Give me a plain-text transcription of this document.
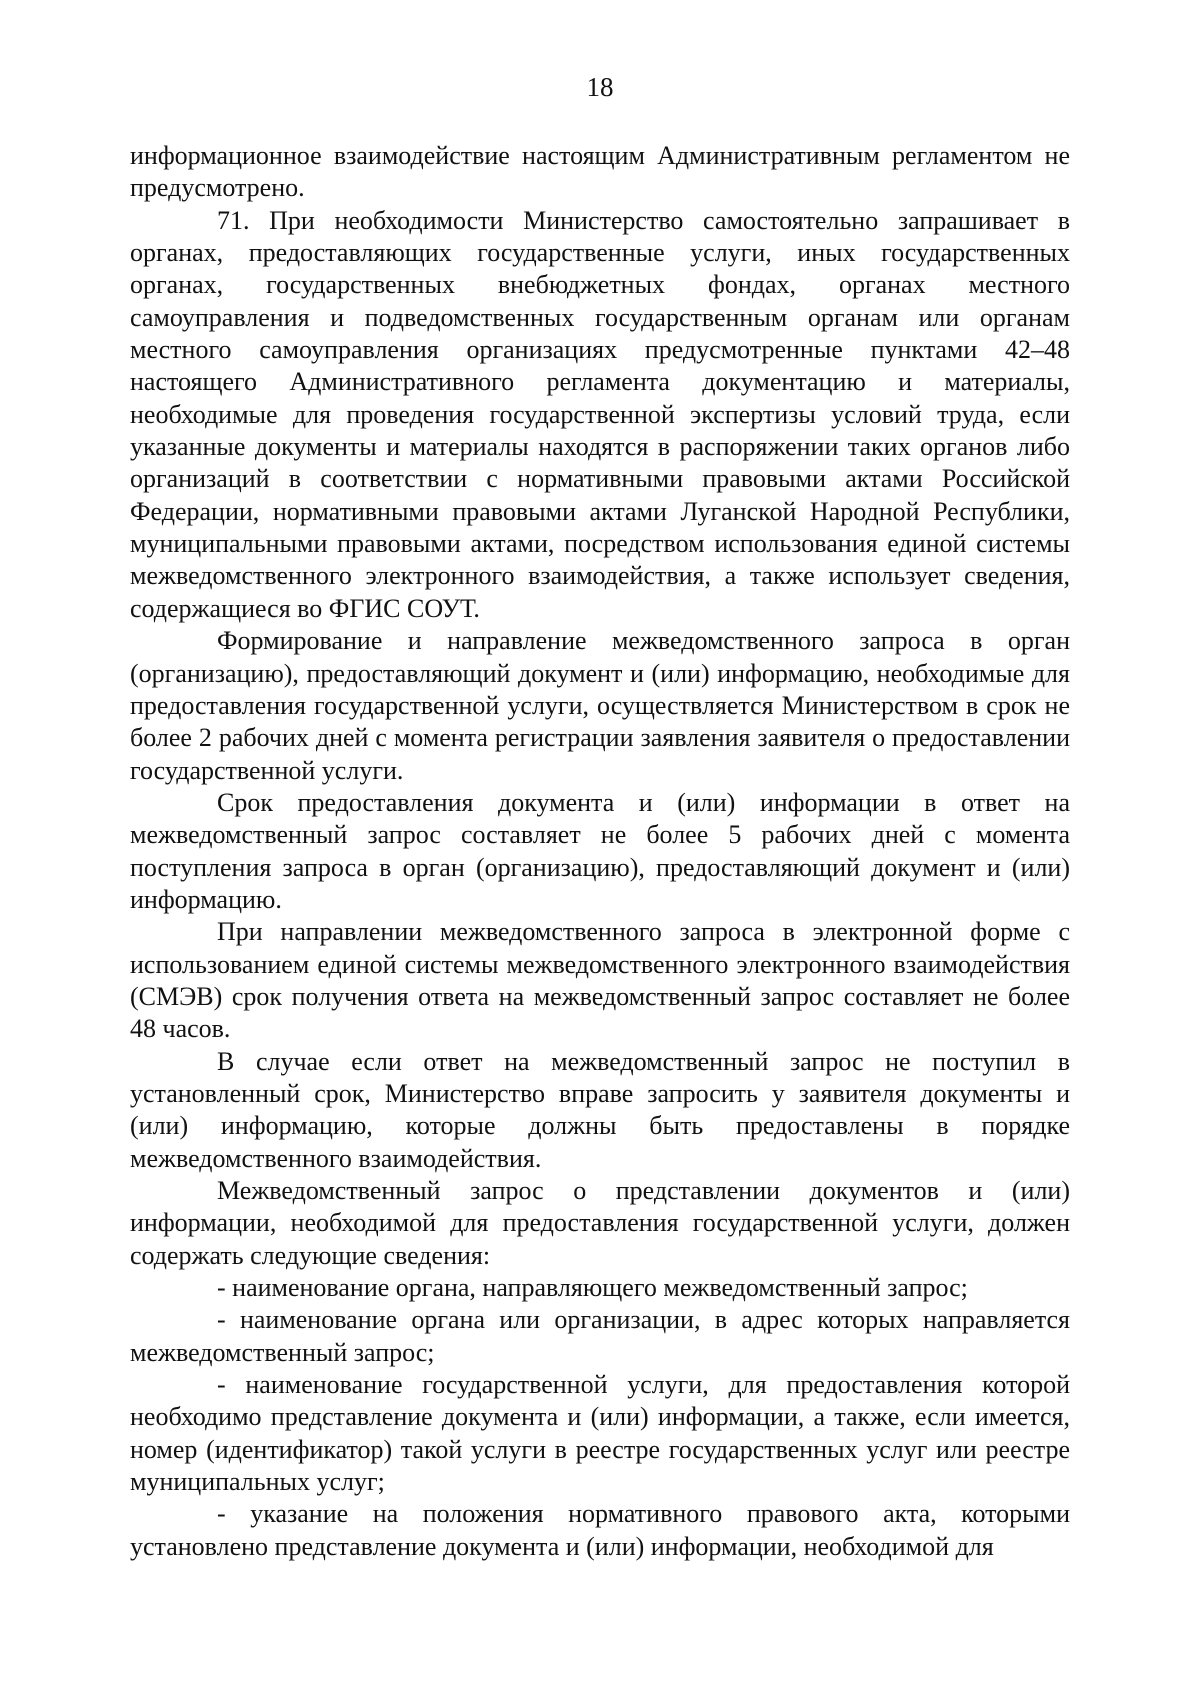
18

информационное взаимодействие настоящим Административным регламентом не предусмотрено.

71. При необходимости Министерство самостоятельно запрашивает в органах, предоставляющих государственные услуги, иных государственных органах, государственных внебюджетных фондах, органах местного самоуправления и подведомственных государственным органам или органам местного самоуправления организациях предусмотренные пунктами 42–48 настоящего Административного регламента документацию и материалы, необходимые для проведения государственной экспертизы условий труда, если указанные документы и материалы находятся в распоряжении таких органов либо организаций в соответствии с нормативными правовыми актами Российской Федерации, нормативными правовыми актами Луганской Народной Республики, муниципальными правовыми актами, посредством использования единой системы межведомственного электронного взаимодействия, а также использует сведения, содержащиеся во ФГИС СОУТ.

Формирование и направление межведомственного запроса в орган (организацию), предоставляющий документ и (или) информацию, необходимые для предоставления государственной услуги, осуществляется Министерством в срок не более 2 рабочих дней с момента регистрации заявления заявителя о предоставлении государственной услуги.

Срок предоставления документа и (или) информации в ответ на межведомственный запрос составляет не более 5 рабочих дней с момента поступления запроса в орган (организацию), предоставляющий документ и (или) информацию.

При направлении межведомственного запроса в электронной форме с использованием единой системы межведомственного электронного взаимодействия (СМЭВ) срок получения ответа на межведомственный запрос составляет не более 48 часов.

В случае если ответ на межведомственный запрос не поступил в установленный срок, Министерство вправе запросить у заявителя документы и (или) информацию, которые должны быть предоставлены в порядке межведомственного взаимодействия.

Межведомственный запрос о представлении документов и (или) информации, необходимой для предоставления государственной услуги, должен содержать следующие сведения:

- наименование органа, направляющего межведомственный запрос;

- наименование органа или организации, в адрес которых направляется межведомственный запрос;

- наименование государственной услуги, для предоставления которой необходимо представление документа и (или) информации, а также, если имеется, номер (идентификатор) такой услуги в реестре государственных услуг или реестре муниципальных услуг;

- указание на положения нормативного правового акта, которыми установлено представление документа и (или) информации, необходимой для
